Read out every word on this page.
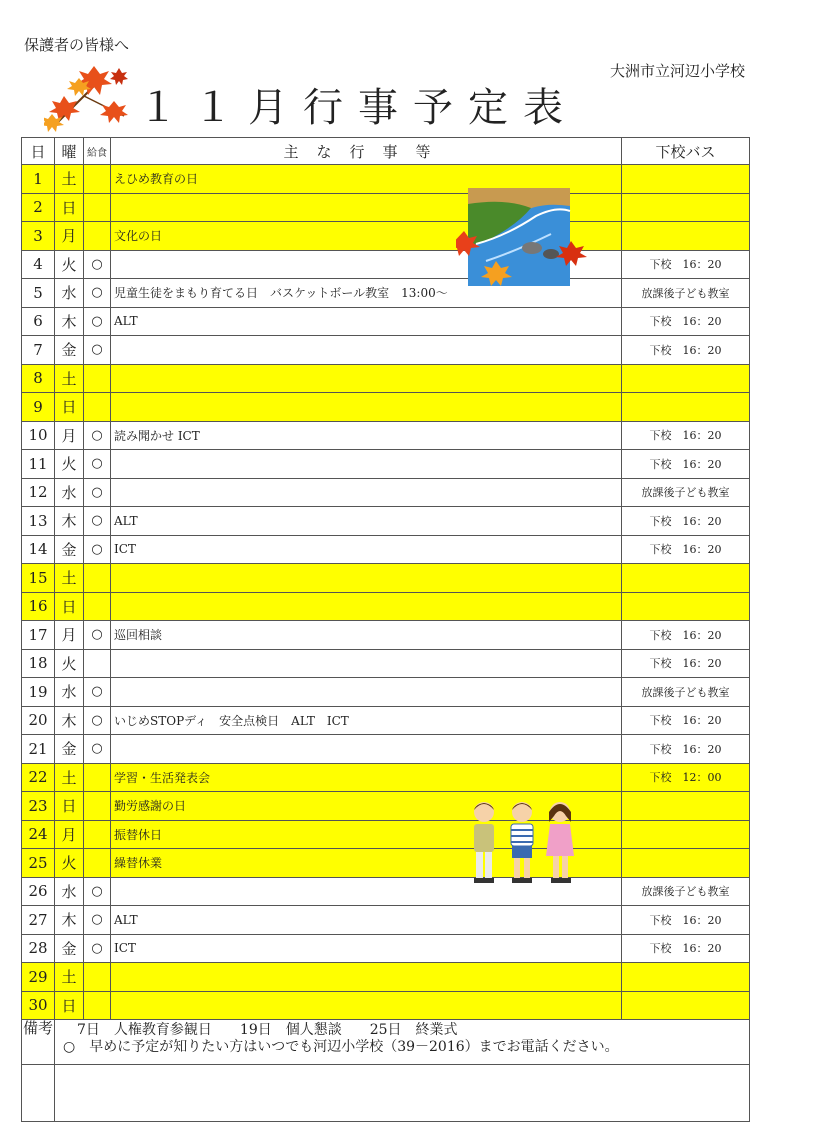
保護者の皆様へ
大洲市立河辺小学校
１１月行事予定表
日	曜	給食	主な行事等	下校バス
1	土		えひめ教育の日	
2	日			
3	月		文化の日	
4	火	○		下校　16：20
5	水	○	児童生徒をまもり育てる日　バスケットボール教室　13:00～	放課後子ども教室
6	木	○	ALT	下校　16：20
7	金	○		下校　16：20
8	土			
9	日			
10	月	○	読み聞かせ ICT	下校　16：20
11	火	○		下校　16：20
12	水	○		放課後子ども教室
13	木	○	ALT	下校　16：20
14	金	○	ICT	下校　16：20
15	土			
16	日			
17	月	○	巡回相談	下校　16：20
18	火			下校　16：20
19	水	○		放課後子ども教室
20	木	○	いじめSTOPディ　安全点検日　ALT　ICT	下校　16：20
21	金	○		下校　16：20
22	土		学習・生活発表会	下校　12：00
23	日		勤労感謝の日	
24	月		振替休日	
25	火		繰替休業	
26	水	○		放課後子ども教室
27	木	○	ALT	下校　16：20
28	金	○	ICT	下校　16：20
29	土			
30	日			
備考	　7日　人権教育参観日　　19日　個人懇談　　25日　終業式
○　早めに予定が知りたい方はいつでも河辺小学校（39－2016）までお電話ください。			
